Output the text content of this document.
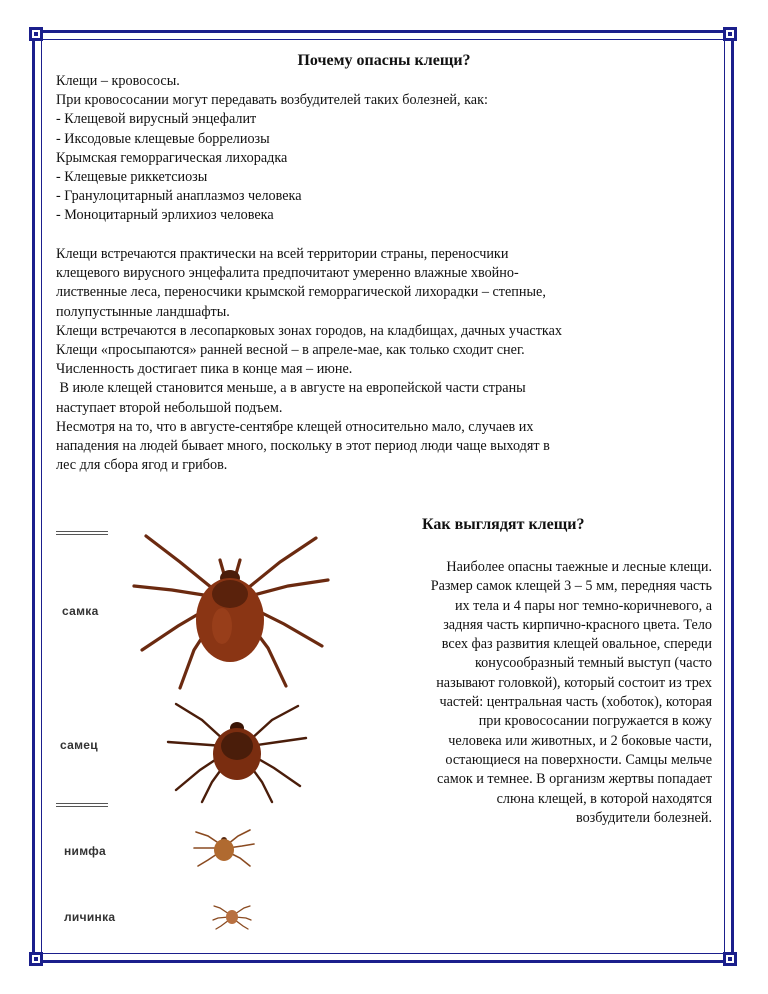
Почему опасны клещи?
Клещи – кровососы.
При кровососании могут передавать возбудителей таких болезней, как:
- Клещевой вирусный энцефалит
- Иксодовые клещевые боррелиозы
Крымская геморрагическая лихорадка
- Клещевые риккетсиозы
- Гранулоцитарный анаплазмоз человека
- Моноцитарный эрлихиоз человека
Клещи встречаются практически на всей территории страны, переносчики
клещевого вирусного энцефалита предпочитают умеренно влажные хвойно-
лиственные леса, переносчики крымской геморрагической лихорадки – степные,
полупустынные ландшафты.
Клещи встречаются в лесопарковых зонах городов, на кладбищах, дачных участках
Клещи «просыпаются» ранней весной – в апреле-мае, как только сходит снег.
Численность достигает пика в конце мая – июне.
В июле клещей становится меньше, а в августе на европейской части страны
наступает второй небольшой подъем.
Несмотря на то, что в августе-сентябре клещей относительно мало, случаев их
нападения на людей бывает много, поскольку в этот период люди чаще выходят в
лес для сбора ягод и грибов.
Как выглядят клещи?
Наиболее опасны таежные и лесные клещи.
Размер самок клещей 3 – 5 мм, передняя часть
их тела и 4 пары ног темно-коричневого, а
задняя часть кирпично-красного цвета. Тело
всех фаз развития клещей овальное, спереди
конусообразный темный выступ (часто
называют головкой), который состоит из трех
частей: центральная часть (хоботок), которая
при кровососании погружается в кожу
человека или животных, и 2 боковые части,
остающиеся на поверхности. Самцы мельче
самок и темнее. В организм жертвы попадает
слюна клещей, в которой находятся
возбудители болезней.
самка
самец
нимфа
личинка
